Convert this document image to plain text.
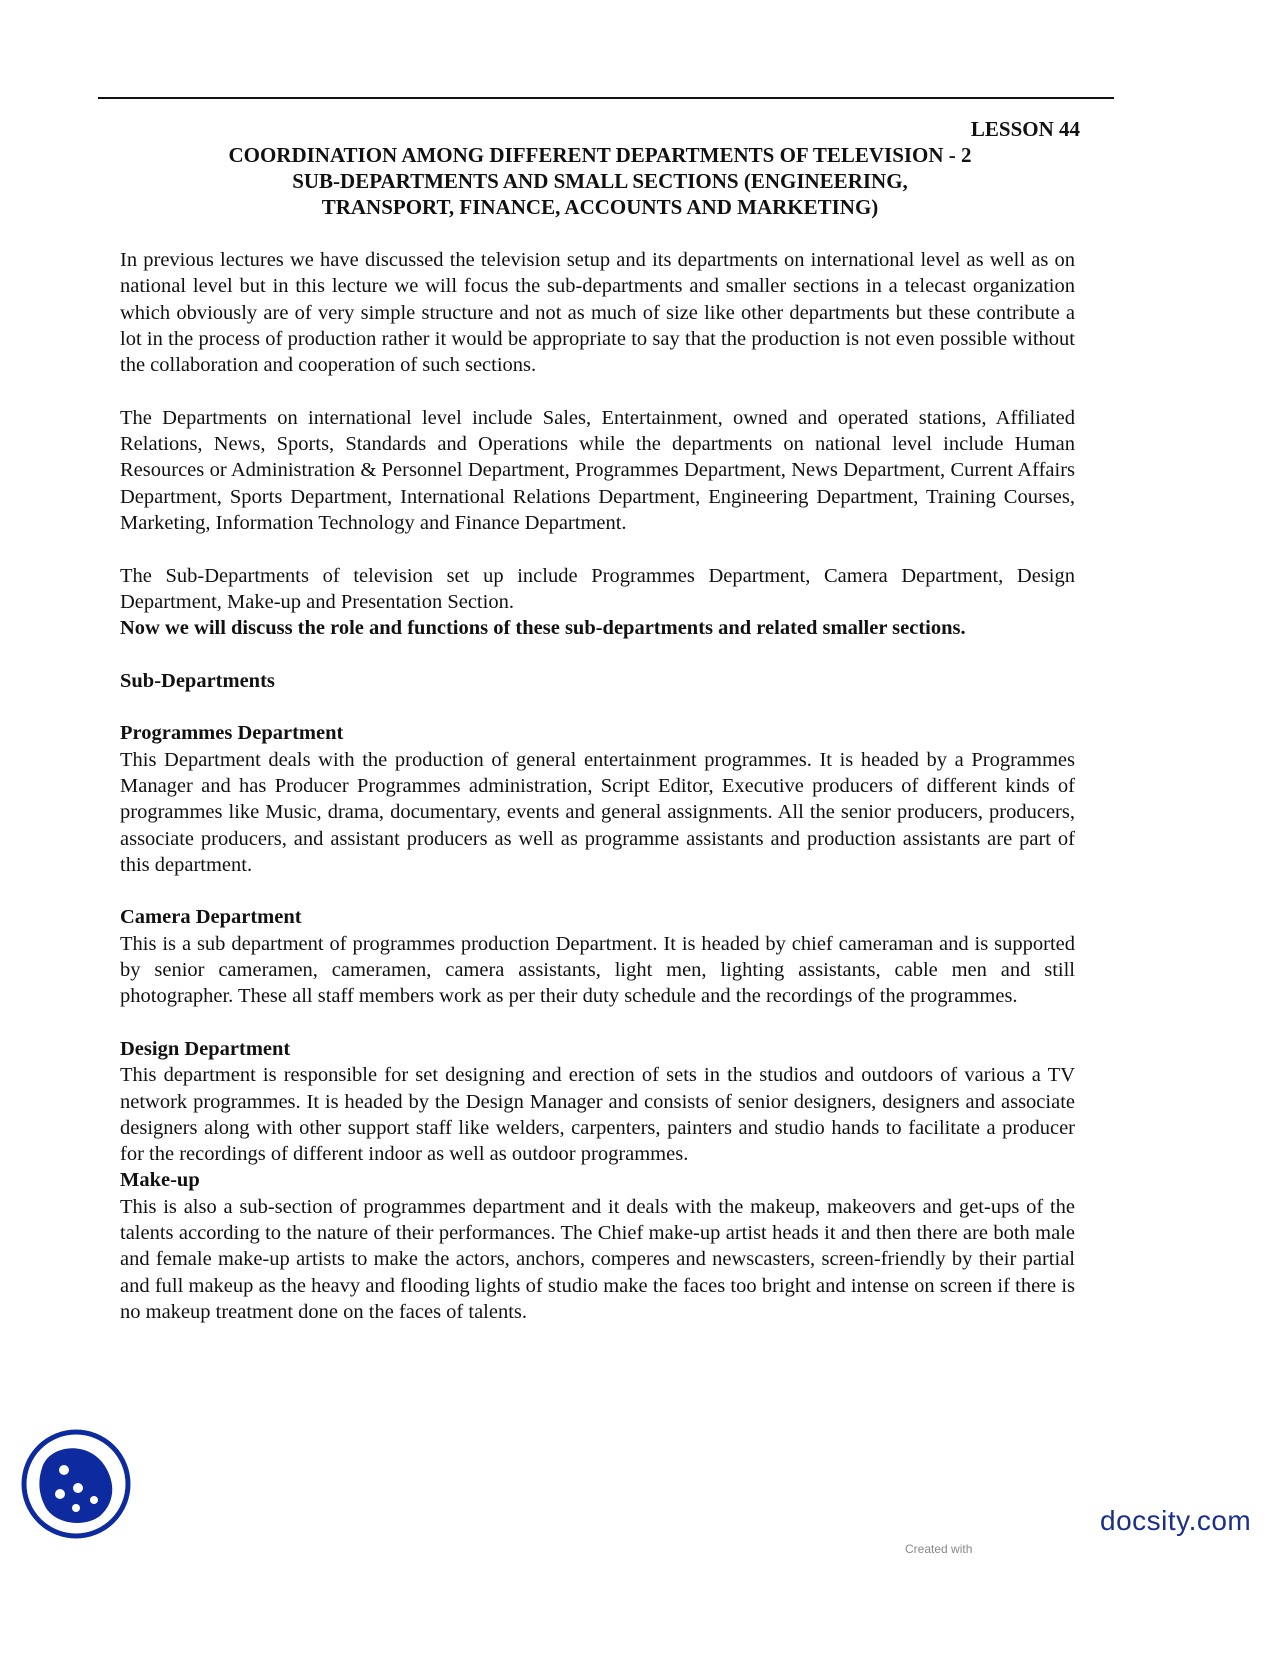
LESSON 44
COORDINATION AMONG DIFFERENT DEPARTMENTS OF TELEVISION - 2
SUB-DEPARTMENTS AND SMALL SECTIONS (ENGINEERING,
TRANSPORT, FINANCE, ACCOUNTS AND MARKETING)

In previous lectures we have discussed the television setup and its departments on international level as well as on national level but in this lecture we will focus the sub-departments and smaller sections in a telecast organization which obviously are of very simple structure and not as much of size like other departments but these contribute a lot in the process of production rather it would be appropriate to say that the production is not even possible without the collaboration and cooperation of such sections.

The Departments on international level include Sales, Entertainment, owned and operated stations, Affiliated Relations, News, Sports, Standards and Operations while the departments on national level include Human Resources or Administration & Personnel Department, Programmes Department, News Department, Current Affairs Department, Sports Department, International Relations Department, Engineering Department, Training Courses, Marketing, Information Technology and Finance Department.

The Sub-Departments of television set up include Programmes Department, Camera Department, Design Department, Make-up and Presentation Section.

Now we will discuss the role and functions of these sub-departments and related smaller sections.

Sub-Departments
Programmes Department

This Department deals with the production of general entertainment programmes. It is headed by a Programmes Manager and has Producer Programmes administration, Script Editor, Executive producers of different kinds of programmes like Music, drama, documentary, events and general assignments. All the senior producers, producers, associate producers, and assistant producers as well as programme assistants and production assistants are part of this department.

Camera Department

This is a sub department of programmes production Department. It is headed by chief cameraman and is supported by senior cameramen, cameramen, camera assistants, light men, lighting assistants, cable men and still photographer. These all staff members work as per their duty schedule and the recordings of the programmes.

Design Department

This department is responsible for set designing and erection of sets in the studios and outdoors of various a TV network programmes. It is headed by the Design Manager and consists of senior designers, designers and associate designers along with other support staff like welders, carpenters, painters and studio hands to facilitate a producer for the recordings of different indoor as well as outdoor programmes.

Make-up

This is also a sub-section of programmes department and it deals with the makeup, makeovers and get-ups of the talents according to the nature of their performances. The Chief make-up artist heads it and then there are both male and female make-up artists to make the actors, anchors, comperes and newscasters, screen-friendly by their partial and full makeup as the heavy and flooding lights of studio make the faces too bright and intense on screen if there is no makeup treatment done on the faces of talents.

docsity.com
Created with
